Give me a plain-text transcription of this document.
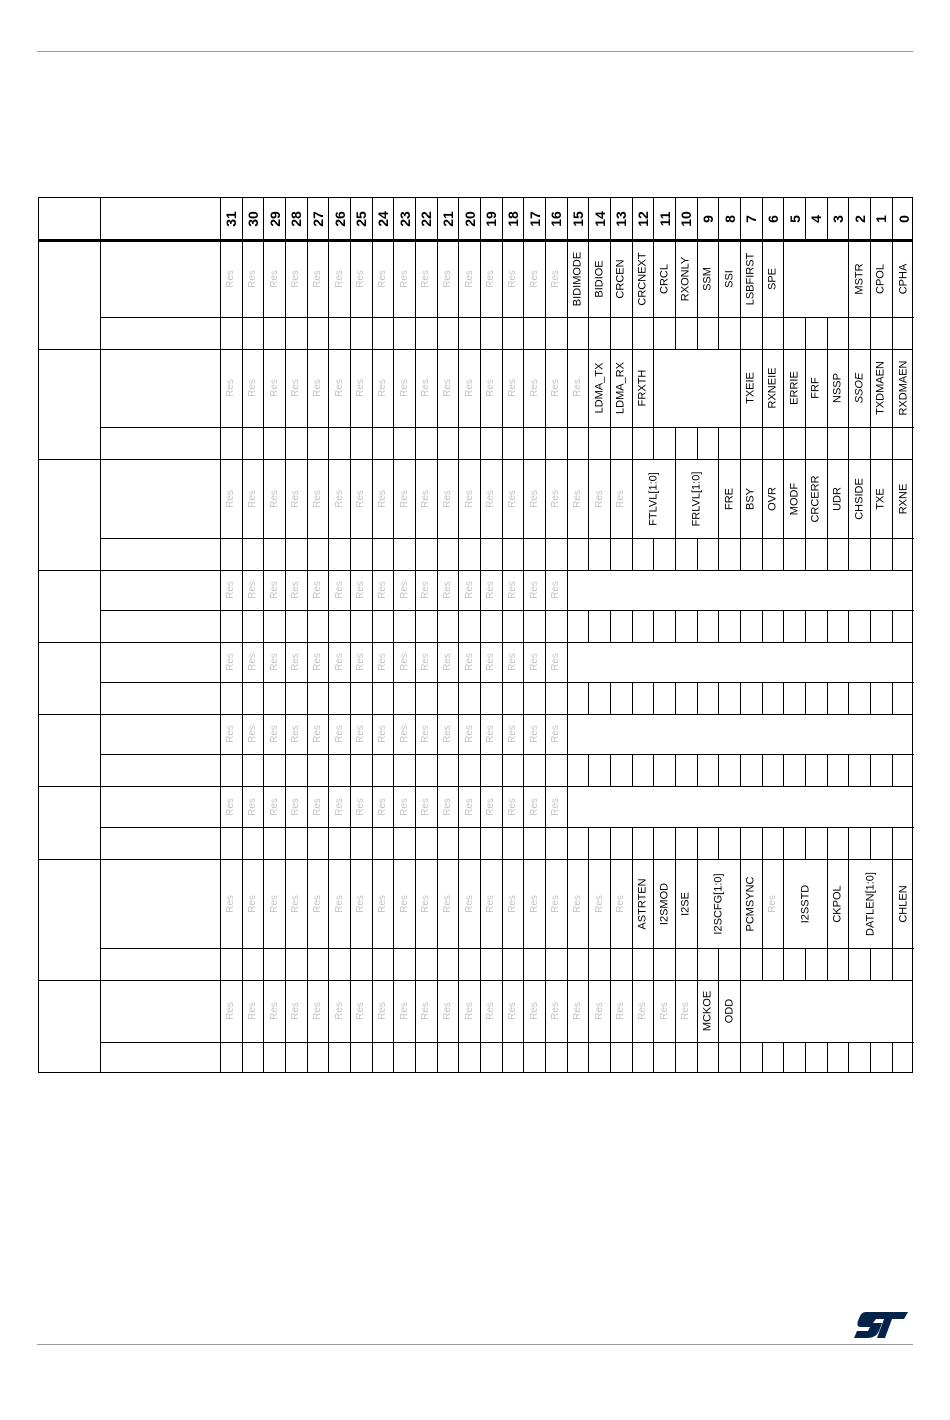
31 30 29 28 27 26 25 24 23 22 21 20 19 18 17 16 15 14 13 12 11 10 9 8 7 6 5 4 3 2 1 0
Res Res Res Res Res Res Res Res Res Res Res Res Res Res Res Res BIDIMODE BIDIOE CRCEN CRCNEXT CRCL RXONLY SSM SSI LSBFIRST SPE	MSTR CPOL CPHA
Res Res Res Res Res Res Res Res Res Res Res Res Res Res Res Res Res LDMA_TX LDMA_RX FRXTH	TXEIE RXNEIE ERRIE FRF NSSP SSOE TXDMAEN RXDMAEN
Res Res Res Res Res Res Res Res Res Res Res Res Res Res Res Res Res Res Res FTLVL[1:0]	FRLVL[1:0] FRE BSY OVR MODF CRCERR UDR CHSIDE TXE RXNE
Res Res Res Res Res Res Res Res Res Res Res Res Res Res Res Res
Res Res Res Res Res Res Res Res Res Res Res Res Res Res Res Res
Res Res Res Res Res Res Res Res Res Res Res Res Res Res Res Res
Res Res Res Res Res Res Res Res Res Res Res Res Res Res Res Res
Res Res Res Res Res Res Res Res Res Res Res Res Res Res Res Res Res Res Res ASTRTEN I2SMOD I2SE I2SCFG[1:0] PCMSYNC Res I2SSTD CKPOL DATLEN[1:0] CHLEN
Res Res Res Res Res Res Res Res Res Res Res Res Res Res Res Res Res Res Res Res Res Res MCKOE ODD
